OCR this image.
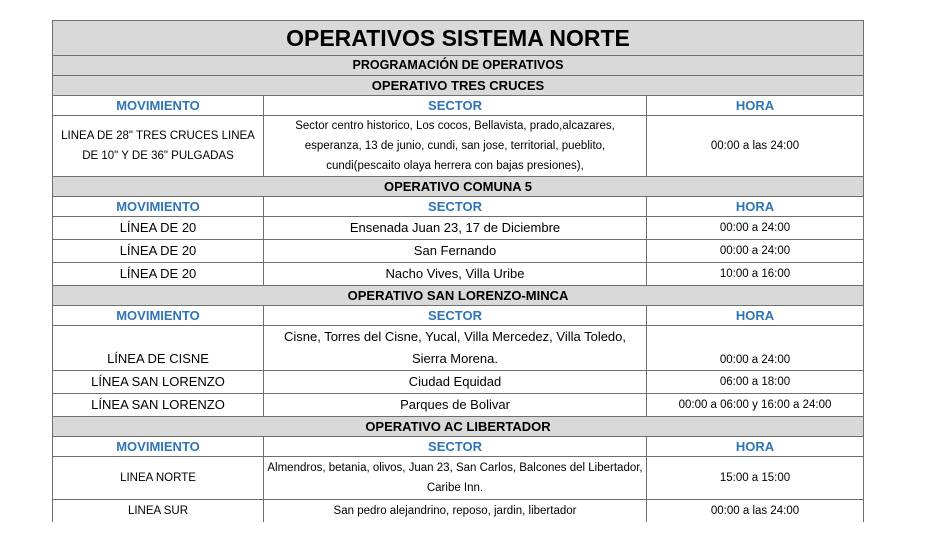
OPERATIVOS SISTEMA NORTE		
PROGRAMACIÓN DE OPERATIVOS		
OPERATIVO TRES CRUCES		
MOVIMIENTO	SECTOR	HORA
LINEA DE 28" TRES CRUCES LINEA DE 10" Y DE 36" PULGADAS	Sector centro historico, Los cocos, Bellavista, prado,alcazares, esperanza, 13 de junio, cundi, san jose, territorial, pueblito, cundi(pescaito olaya herrera con bajas presiones),	00:00 a las 24:00
OPERATIVO COMUNA 5		
MOVIMIENTO	SECTOR	HORA
LÍNEA DE 20	Ensenada Juan 23, 17 de Diciembre	00:00 a 24:00
LÍNEA DE 20	San Fernando	00:00 a 24:00
LÍNEA DE 20	Nacho Vives, Villa Uribe	10:00 a 16:00
OPERATIVO SAN LORENZO-MINCA		
MOVIMIENTO	SECTOR	HORA
LÍNEA DE CISNE	Cisne, Torres del Cisne, Yucal, Villa Mercedez, Villa Toledo, Sierra Morena.	00:00 a 24:00
LÍNEA SAN LORENZO	Ciudad Equidad	06:00 a 18:00
LÍNEA SAN LORENZO	Parques de Bolivar	00:00 a 06:00 y 16:00 a 24:00
OPERATIVO AC LIBERTADOR		
MOVIMIENTO	SECTOR	HORA
LINEA NORTE	Almendros, betania, olivos, Juan 23, San Carlos, Balcones del Libertador, Caribe Inn.	15:00 a 15:00
LINEA SUR	San pedro alejandrino, reposo, jardin, libertador	00:00 a las 24:00
